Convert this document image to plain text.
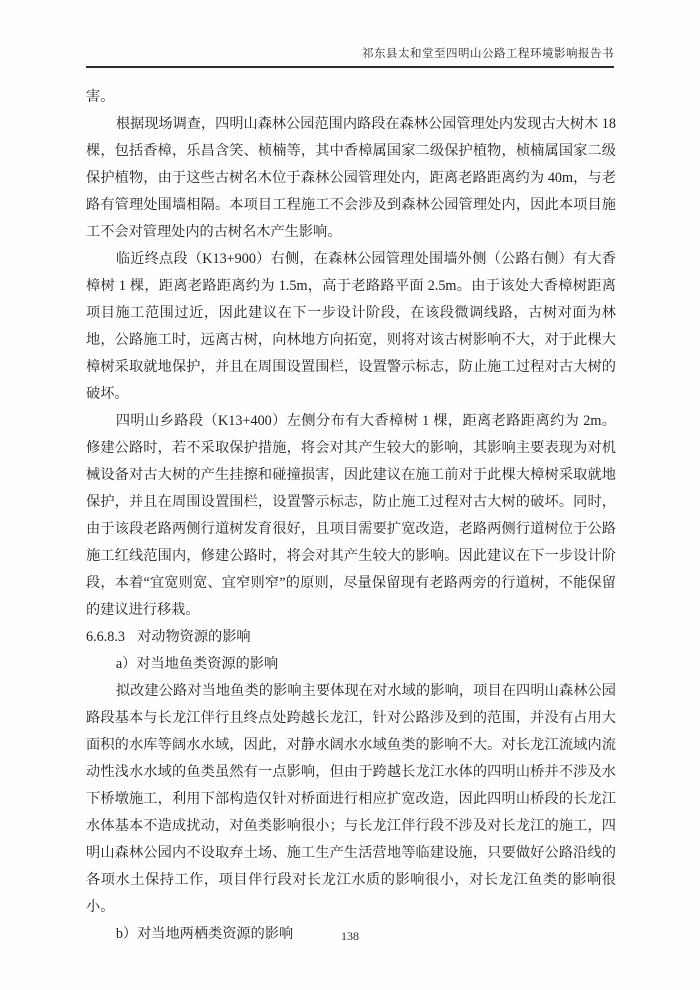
祁东县太和堂至四明山公路工程环境影响报告书

害。

根据现场调查，四明山森林公园范围内路段在森林公园管理处内发现古大树木 18 棵，包括香樟，乐昌含笑、桢楠等，其中香樟属国家二级保护植物，桢楠属国家二级保护植物，由于这些古树名木位于森林公园管理处内，距离老路距离约为 40m，与老路有管理处围墙相隔。本项目工程施工不会涉及到森林公园管理处内，因此本项目施工不会对管理处内的古树名木产生影响。

临近终点段（K13+900）右侧，在森林公园管理处围墙外侧（公路右侧）有大香樟树 1 棵，距离老路距离约为 1.5m，高于老路路平面 2.5m。由于该处大香樟树距离项目施工范围过近，因此建议在下一步设计阶段，在该段微调线路，古树对面为林地，公路施工时，远离古树，向林地方向拓宽，则将对该古树影响不大，对于此棵大樟树采取就地保护，并且在周围设置围栏，设置警示标志，防止施工过程对古大树的破坏。

四明山乡路段（K13+400）左侧分布有大香樟树 1 棵，距离老路距离约为 2m。修建公路时，若不采取保护措施，将会对其产生较大的影响，其影响主要表现为对机械设备对古大树的产生挂擦和碰撞损害，因此建议在施工前对于此棵大樟树采取就地保护，并且在周围设置围栏，设置警示标志，防止施工过程对古大树的破坏。同时，由于该段老路两侧行道树发育很好，且项目需要扩宽改造，老路两侧行道树位于公路施工红线范围内，修建公路时，将会对其产生较大的影响。因此建议在下一步设计阶段，本着“宜宽则宽、宜窄则窄”的原则，尽量保留现有老路两旁的行道树，不能保留的建议进行移栽。

6.6.8.3 对动物资源的影响

a）对当地鱼类资源的影响

拟改建公路对当地鱼类的影响主要体现在对水域的影响，项目在四明山森林公园路段基本与长龙江伴行且终点处跨越长龙江，针对公路涉及到的范围，并没有占用大面积的水库等阔水水域，因此，对静水阔水水域鱼类的影响不大。对长龙江流域内流动性浅水水域的鱼类虽然有一点影响，但由于跨越长龙江水体的四明山桥并不涉及水下桥墩施工，利用下部构造仅针对桥面进行相应扩宽改造，因此四明山桥段的长龙江水体基本不造成扰动，对鱼类影响很小；与长龙江伴行段不涉及对长龙江的施工，四明山森林公园内不设取弃土场、施工生产生活营地等临建设施，只要做好公路沿线的各项水土保持工作，项目伴行段对长龙江水质的影响很小，对长龙江鱼类的影响很小。

b）对当地两栖类资源的影响	138
